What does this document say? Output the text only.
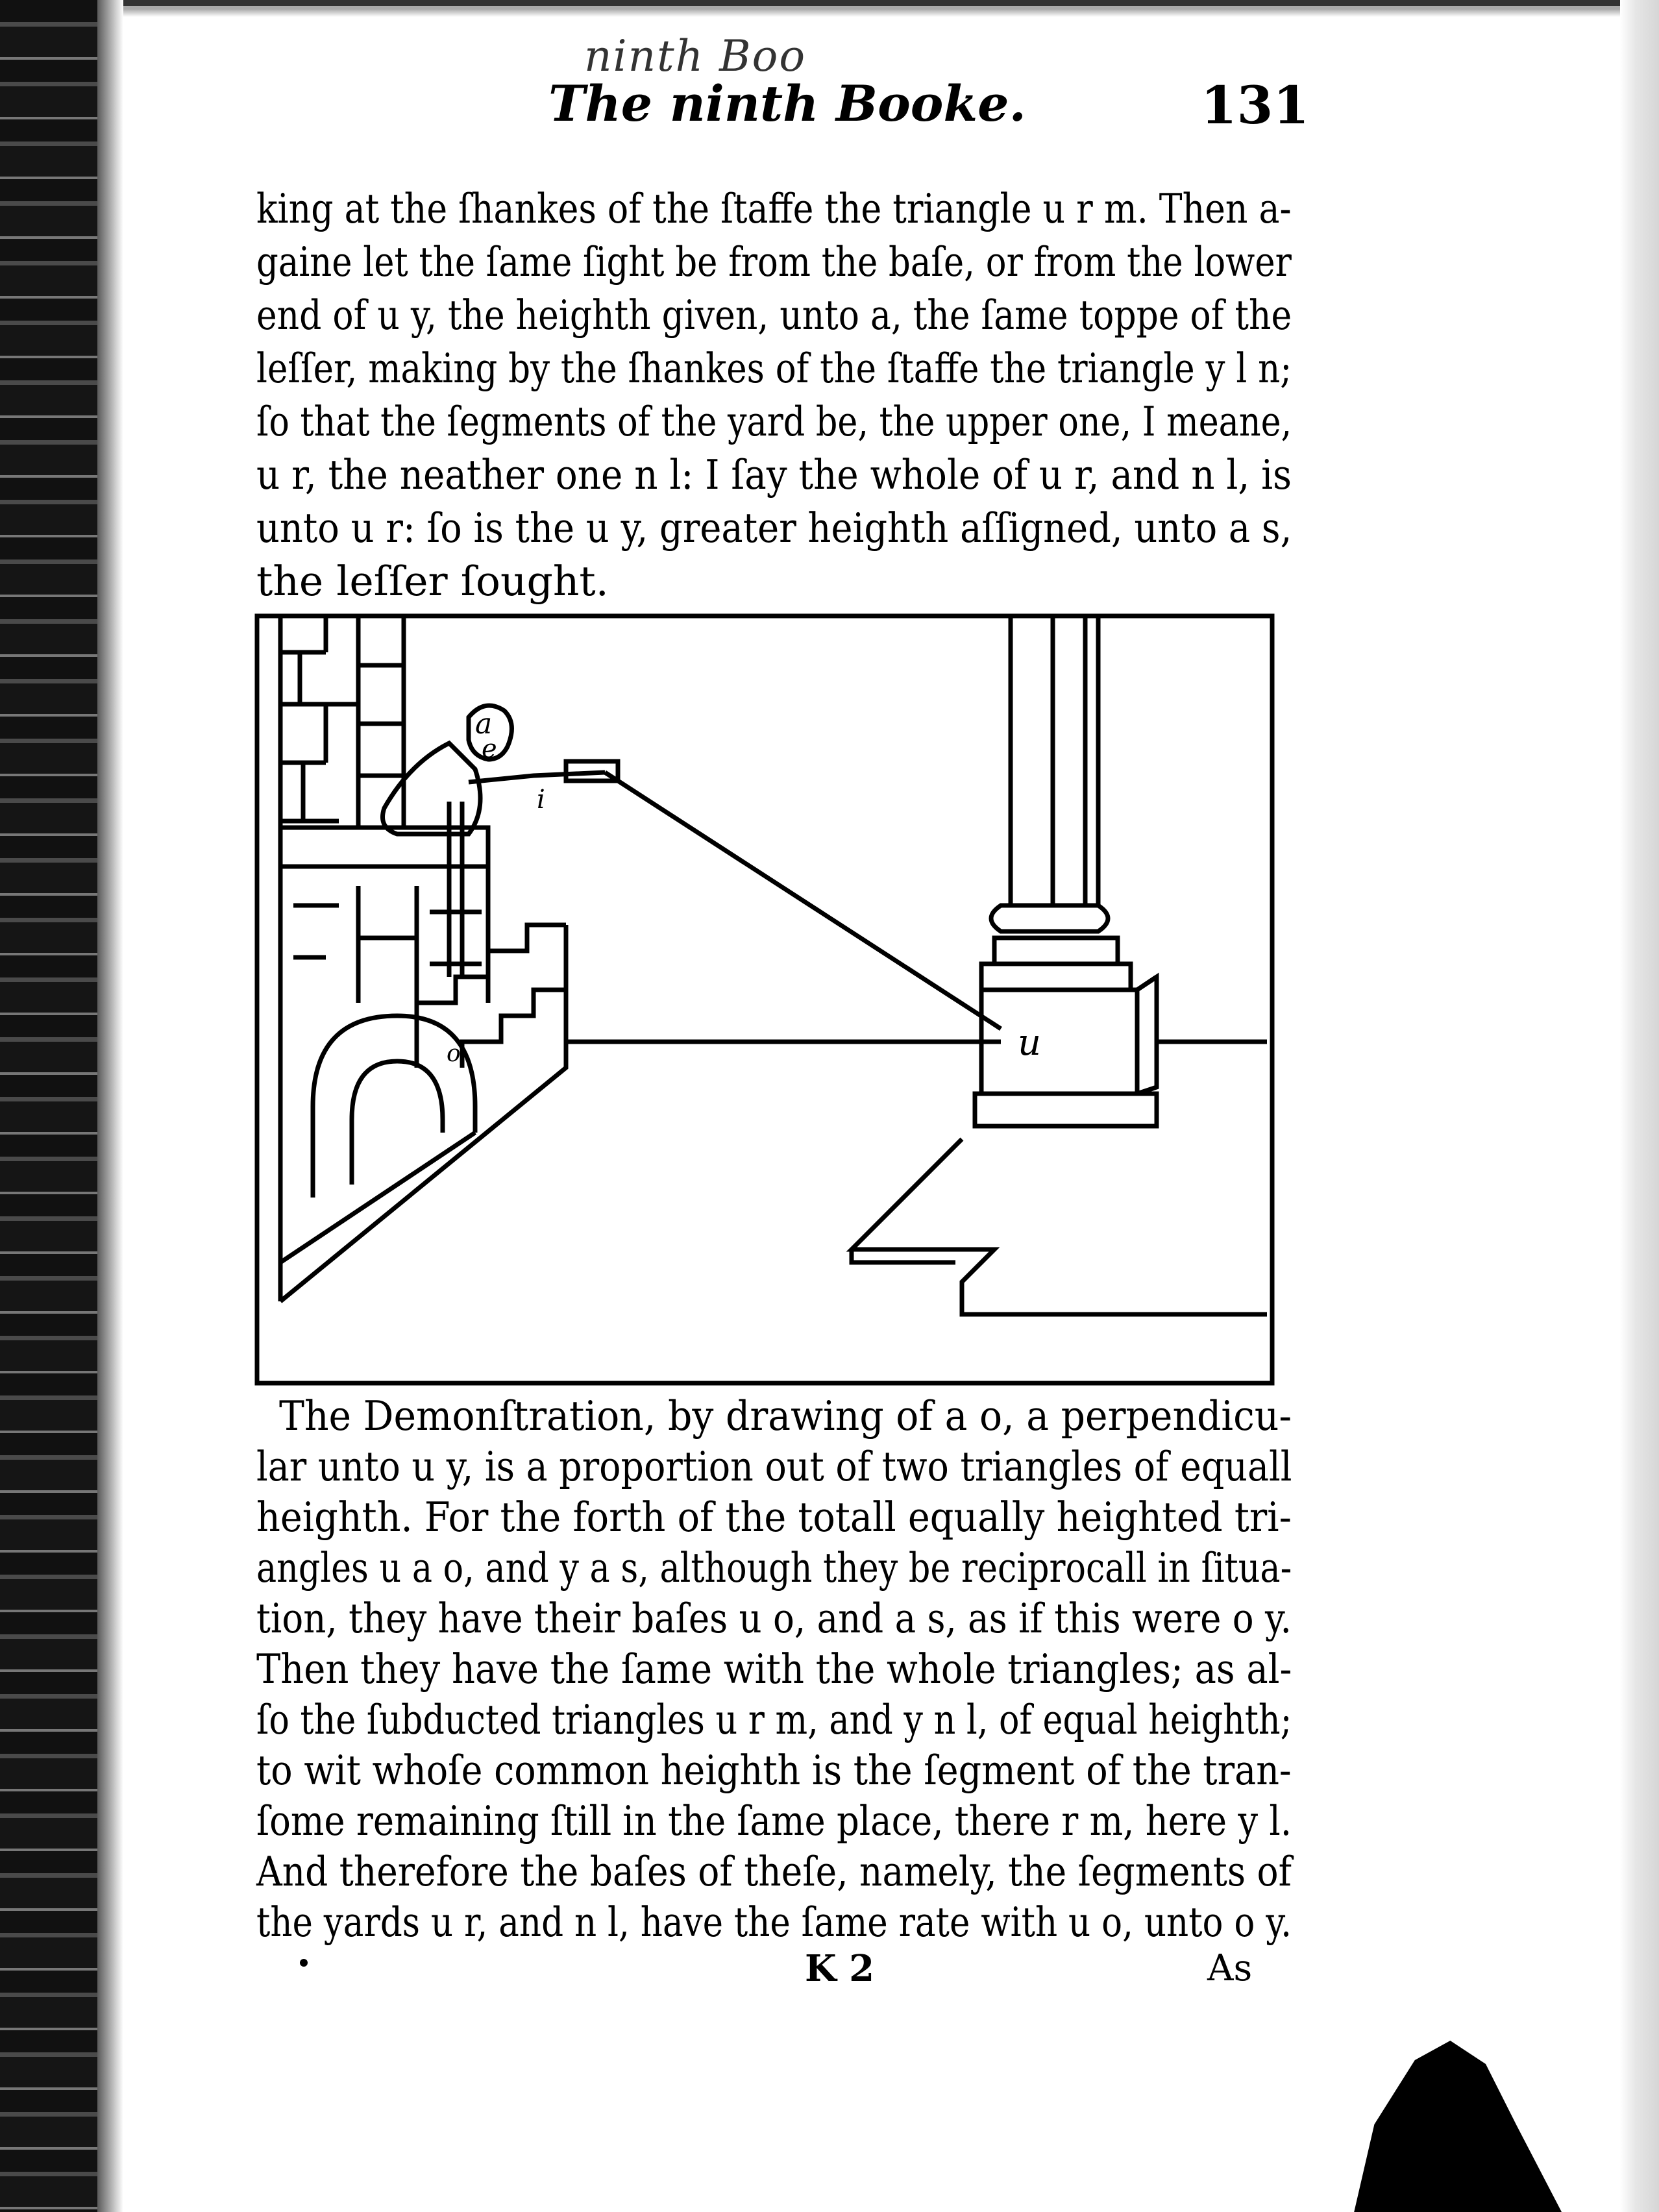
ninth Boo
The ninth Booke.	131
king at the ſhankes of the ſtaffe the triangle u r m. Then a-
gaine let the ſame ſight be from the baſe, or from the lower
end of u y, the heighth given, unto a, the ſame toppe of the
leſſer, making by the ſhankes of the ſtaffe the triangle y l n;
ſo that the ſegments of the yard be, the upper one, I meane,
u r, the neather one n l: I ſay the whole of u r, and n l, is
unto u r: ſo is the u y, greater heighth aſſigned, unto a s,
the leſſer ſought.
a
e
i
o	u
The Demonſtration, by drawing of a o, a perpendicu-
lar unto u y, is a proportion out of two triangles of equall
heighth. For the forth of the totall equally heighted tri-
angles u a o, and y a s, although they be reciprocall in ſitua-
tion, they have their baſes u o, and a s, as if this were o y.
Then they have the ſame with the whole triangles; as al-
ſo the ſubducted triangles u r m, and y n l, of equal heighth;
to wit whoſe common heighth is the ſegment of the tran-
ſome remaining ſtill in the ſame place, there r m, here y l.
And therefore the baſes of theſe, namely, the ſegments of
the yards u r, and n l, have the ſame rate with u o, unto o y.
K 2	As
